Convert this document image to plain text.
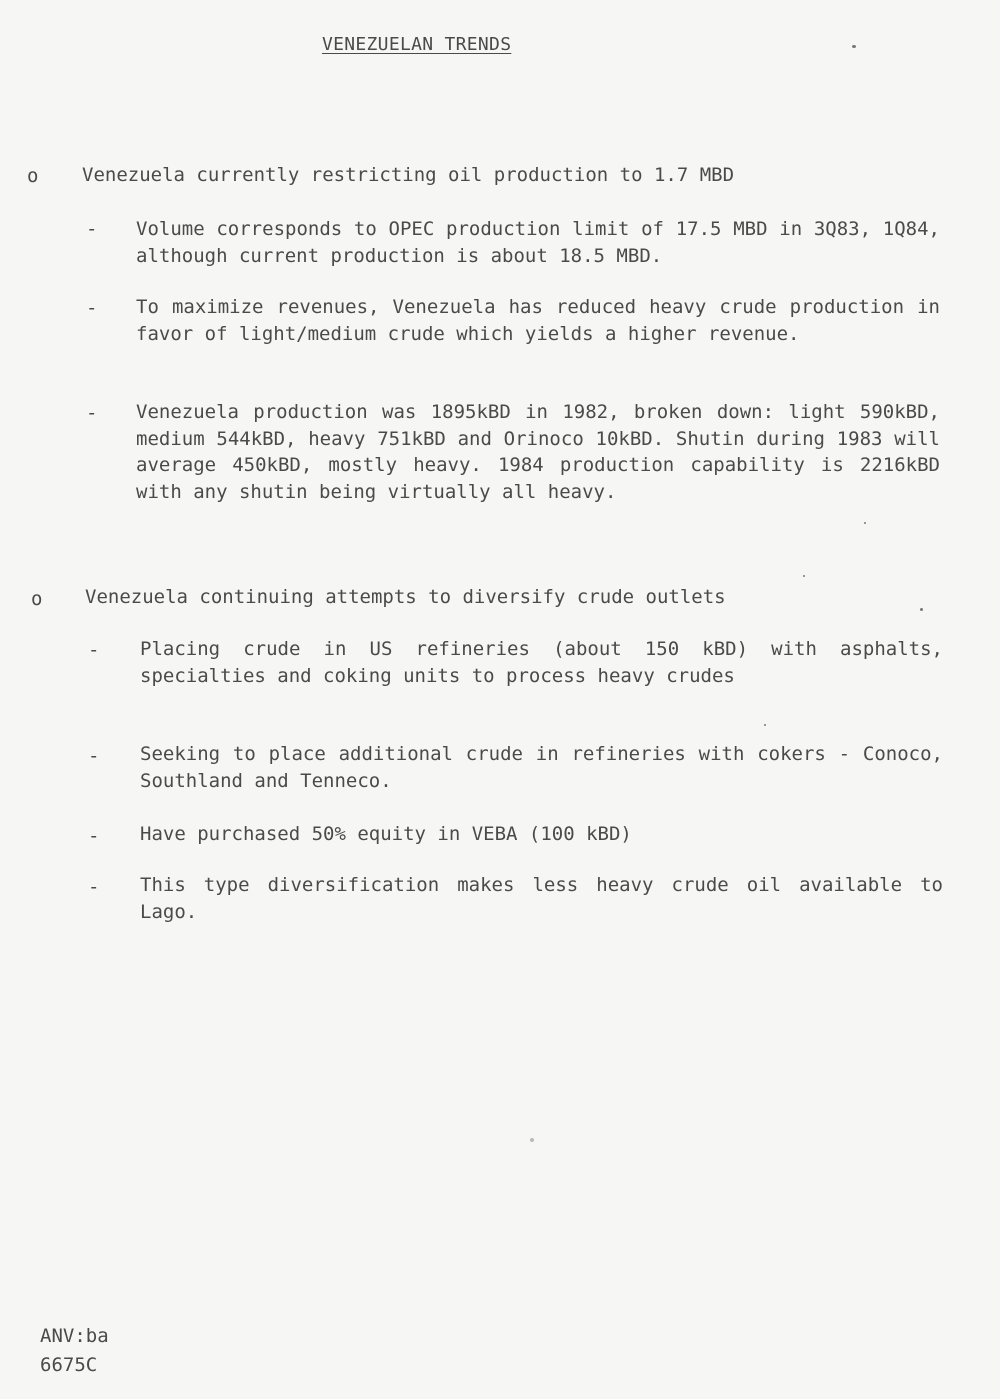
VENEZUELAN TRENDS
o Venezuela currently restricting oil production to 1.7 MBD
- Volume corresponds to OPEC production limit of 17.5 MBD in 3Q83, 1Q84, although current production is about 18.5 MBD.
- To maximize revenues, Venezuela has reduced heavy crude production in favor of light/medium crude which yields a higher revenue.
- Venezuela production was 1895kBD in 1982, broken down: light 590kBD, medium 544kBD, heavy 751kBD and Orinoco 10kBD. Shutin during 1983 will average 450kBD, mostly heavy. 1984 production capability is 2216kBD with any shutin being virtually all heavy.
o Venezuela continuing attempts to diversify crude outlets
- Placing crude in US refineries (about 150 kBD) with asphalts, specialties and coking units to process heavy crudes
- Seeking to place additional crude in refineries with cokers - Conoco, Southland and Tenneco.
- Have purchased 50% equity in VEBA (100 kBD)
- This type diversification makes less heavy crude oil available to Lago.
ANV:ba
6675C
